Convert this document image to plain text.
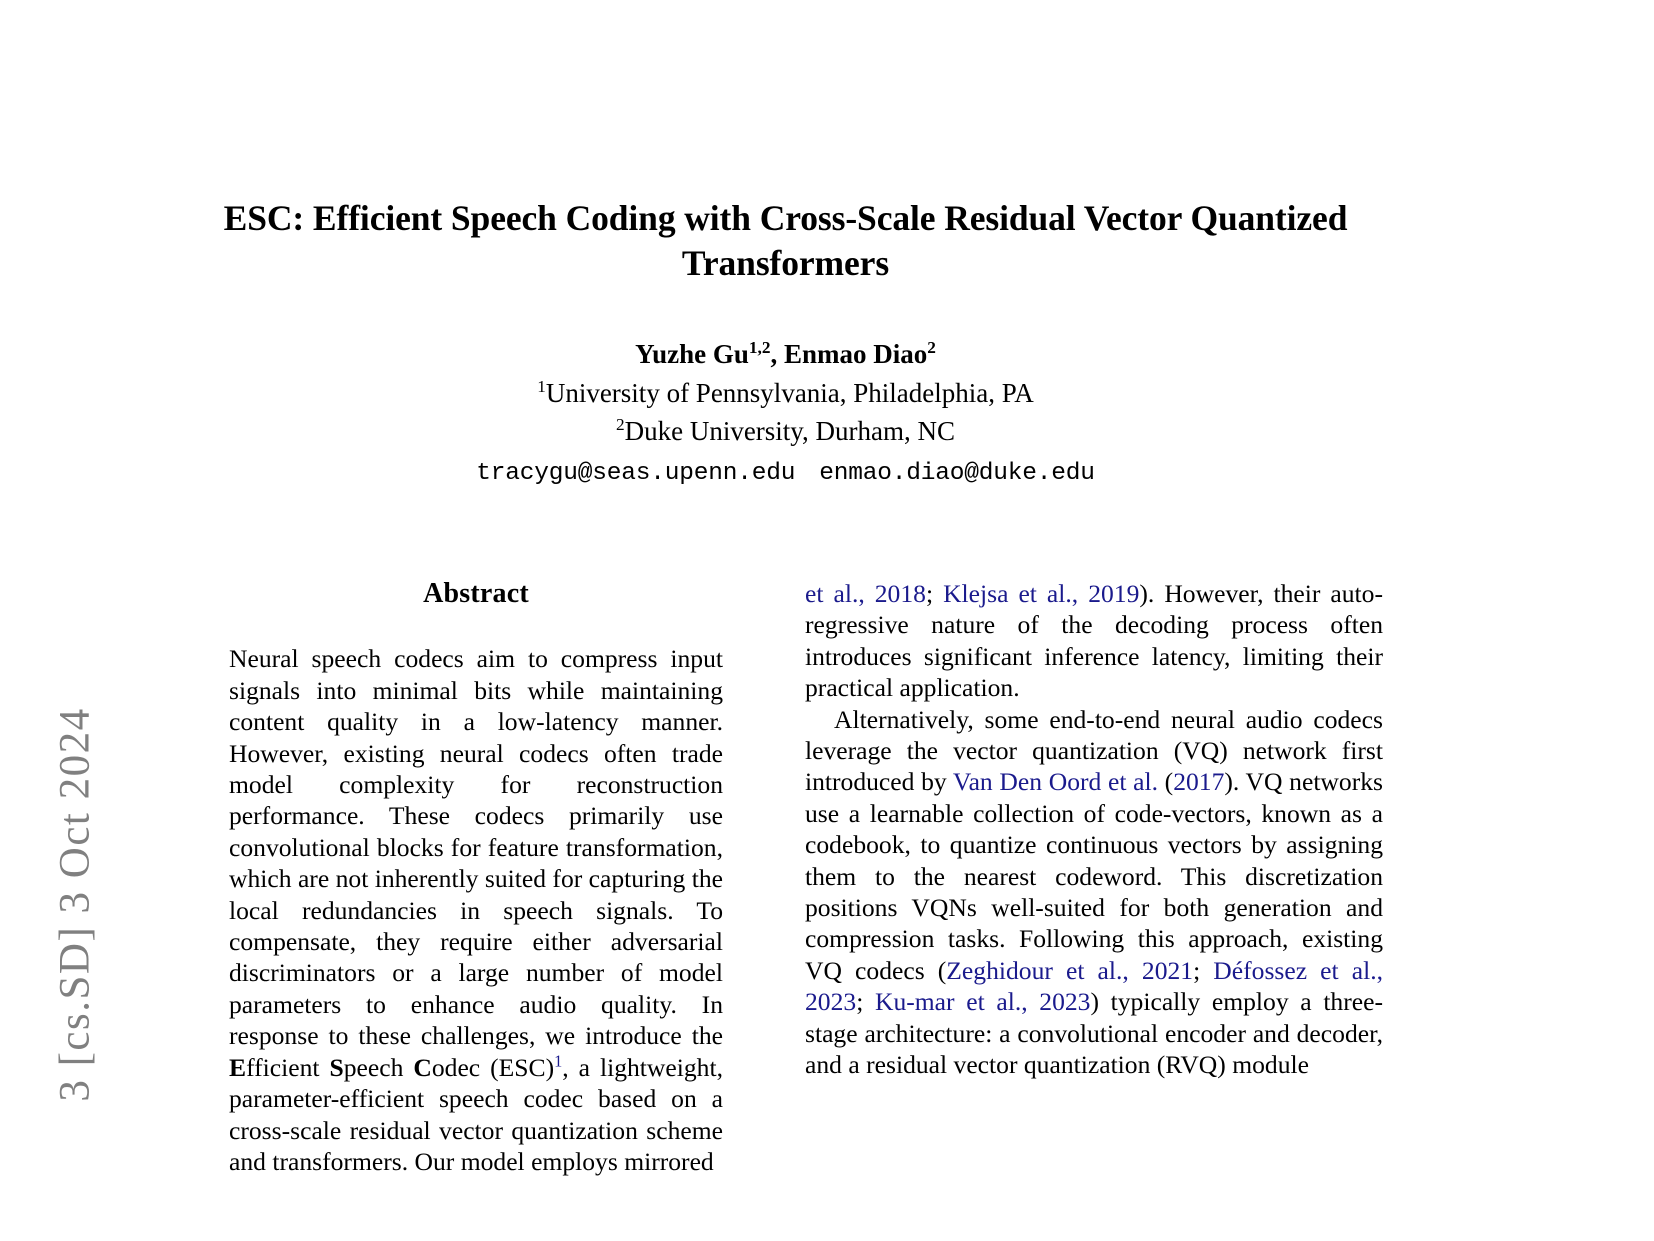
3 [cs.SD] 3 Oct 2024
ESC: Efficient Speech Coding with Cross-Scale Residual Vector Quantized Transformers
Yuzhe Gu$^{1,2}$, Enmao Diao$^2$
$^1$University of Pennsylvania, Philadelphia, PA
$^2$Duke University, Durham, NC
tracygu@seas.upenn.edu enmao.diao@duke.edu
Abstract

Neural speech codecs aim to compress input signals into minimal bits while maintaining content quality in a low-latency manner. However, existing neural codecs often trade model complexity for reconstruction performance. These codecs primarily use convolutional blocks for feature transformation, which are not inherently suited for capturing the local redundancies in speech signals. To compensate, they require either adversarial discriminators or a large number of model parameters to enhance audio quality. In response to these challenges, we introduce the Efficient Speech Codec (ESC)$^1$, a lightweight, parameter-efficient speech codec based on a cross-scale residual vector quantization scheme and transformers. Our model employs mirrored

et al., 2018; Klejsa et al., 2019). However, their auto-regressive nature of the decoding process often introduces significant inference latency, limiting their practical application.

Alternatively, some end-to-end neural audio codecs leverage the vector quantization (VQ) network first introduced by Van Den Oord et al. (2017). VQ networks use a learnable collection of code-vectors, known as a codebook, to quantize continuous vectors by assigning them to the nearest codeword. This discretization positions VQNs well-suited for both generation and compression tasks. Following this approach, existing VQ codecs (Zeghidour et al., 2021; Défossez et al., 2023; Ku-mar et al., 2023) typically employ a three-stage architecture: a convolutional encoder and decoder, and a residual vector quantization (RVQ) module
